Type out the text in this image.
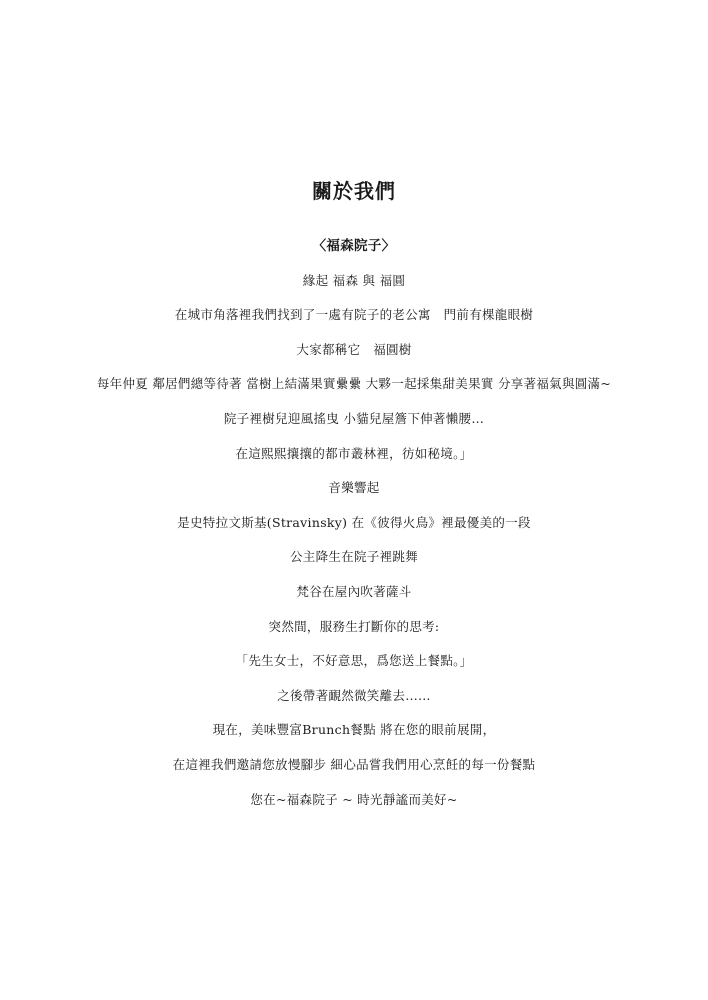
關於我們
〈福森院子〉
緣起 福森 與 福圓
在城市角落裡我們找到了一處有院子的老公寓　門前有棵龍眼樹
大家都稱它　福圓樹
每年仲夏 鄰居們總等待著 當樹上結滿果實纍纍 大夥一起採集甜美果實 分享著福氣與圓滿~
院子裡樹兒迎風搖曳 小貓兒屋簷下伸著懶腰…
在這熙熙攘攘的都市叢林裡，彷如秘境。」
音樂響起
是史特拉文斯基(Stravinsky) 在《彼得火鳥》裡最優美的一段
公主降生在院子裡跳舞
梵谷在屋內吹著薩斗
突然間，服務生打斷你的思考:
「先生女士，不好意思，爲您送上餐點。」
之後帶著靦然微笑離去……
現在，美味豐富Brunch餐點 將在您的眼前展開，
在這裡我們邀請您放慢腳步 細心品嘗我們用心烹飪的每一份餐點
您在~福森院子 ~ 時光靜謐而美好~
